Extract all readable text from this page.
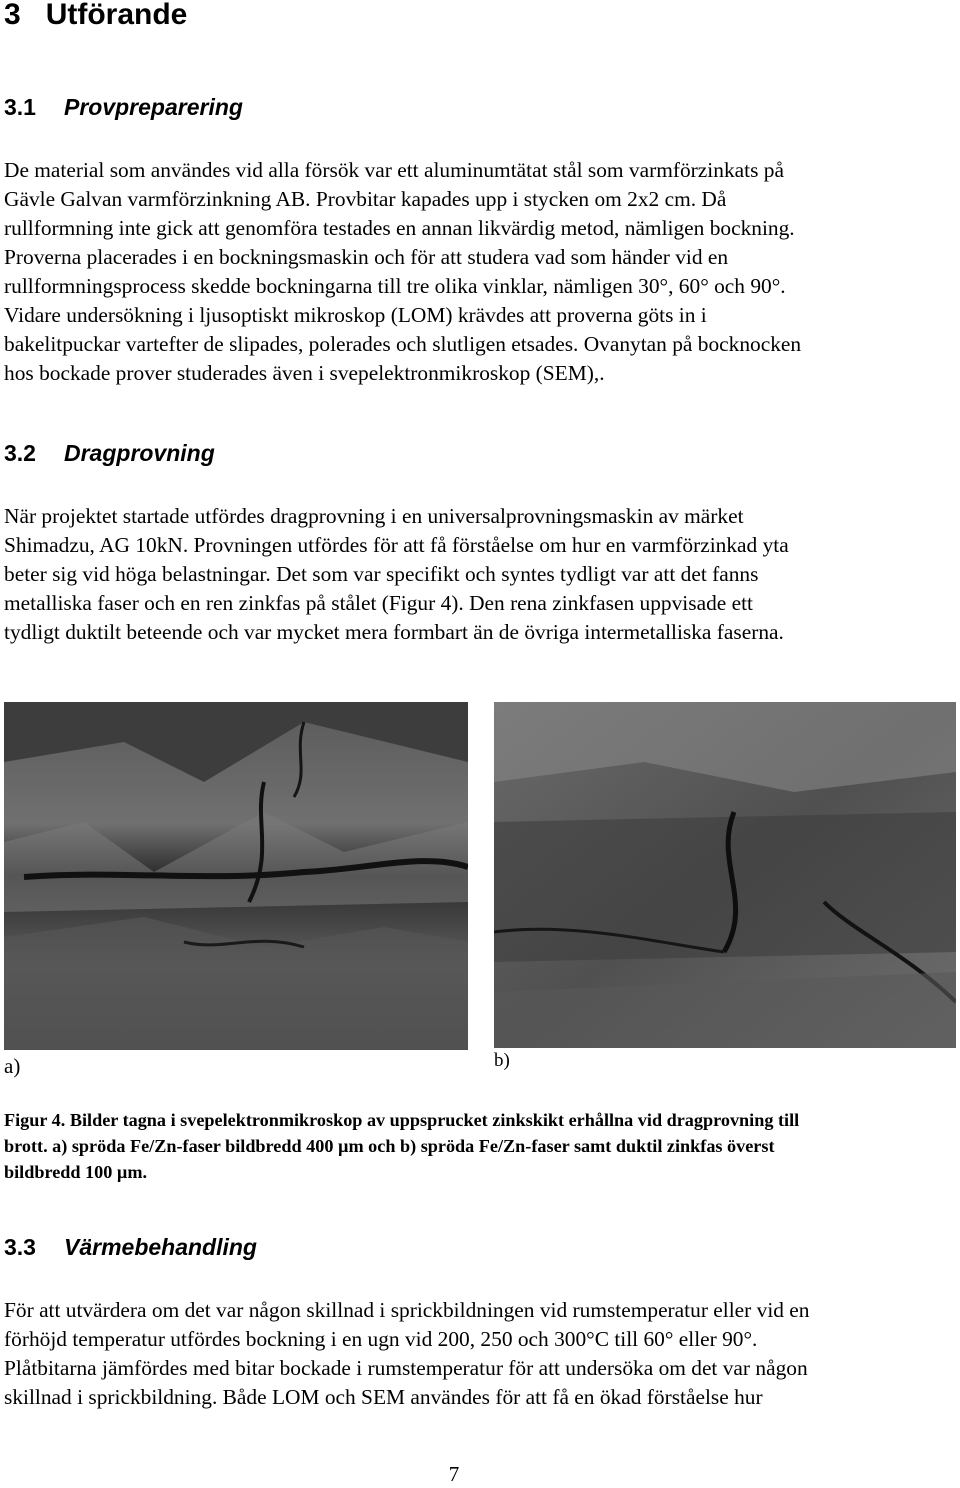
3 Utförande
3.1 Provpreparering
De material som användes vid alla försök var ett aluminumtätat stål som varmförzinkats på
Gävle Galvan varmförzinkning AB. Provbitar kapades upp i stycken om 2x2 cm. Då
rullformning inte gick att genomföra testades en annan likvärdig metod, nämligen bockning.
Proverna placerades i en bockningsmaskin och för att studera vad som händer vid en
rullformningsprocess skedde bockningarna till tre olika vinklar, nämligen 30°, 60° och 90°.
Vidare undersökning i ljusoptiskt mikroskop (LOM) krävdes att proverna göts in i
bakelitpuckar vartefter de slipades, polerades och slutligen etsades. Ovanytan på bocknocken
hos bockade prover studerades även i svepelektronmikroskop (SEM),.
3.2 Dragprovning
När projektet startade utfördes dragprovning i en universalprovningsmaskin av märket
Shimadzu, AG 10kN. Provningen utfördes för att få förståelse om hur en varmförzinkad yta
beter sig vid höga belastningar. Det som var specifikt och syntes tydligt var att det fanns
metalliska faser och en ren zinkfas på stålet (Figur 4). Den rena zinkfasen uppvisade ett
tydligt duktilt beteende och var mycket mera formbart än de övriga intermetalliska faserna.
a)	b)
Figur 4. Bilder tagna i svepelektronmikroskop av uppsprucket zinkskikt erhållna vid dragprovning till
brott. a) spröda Fe/Zn-faser bildbredd 400 µm och b) spröda Fe/Zn-faser samt duktil zinkfas överst
bildbredd 100 µm.
3.3 Värmebehandling
För att utvärdera om det var någon skillnad i sprickbildningen vid rumstemperatur eller vid en
förhöjd temperatur utfördes bockning i en ugn vid 200, 250 och 300°C till 60° eller 90°.
Plåtbitarna jämfördes med bitar bockade i rumstemperatur för att undersöka om det var någon
skillnad i sprickbildning. Både LOM och SEM användes för att få en ökad förståelse hur
7
